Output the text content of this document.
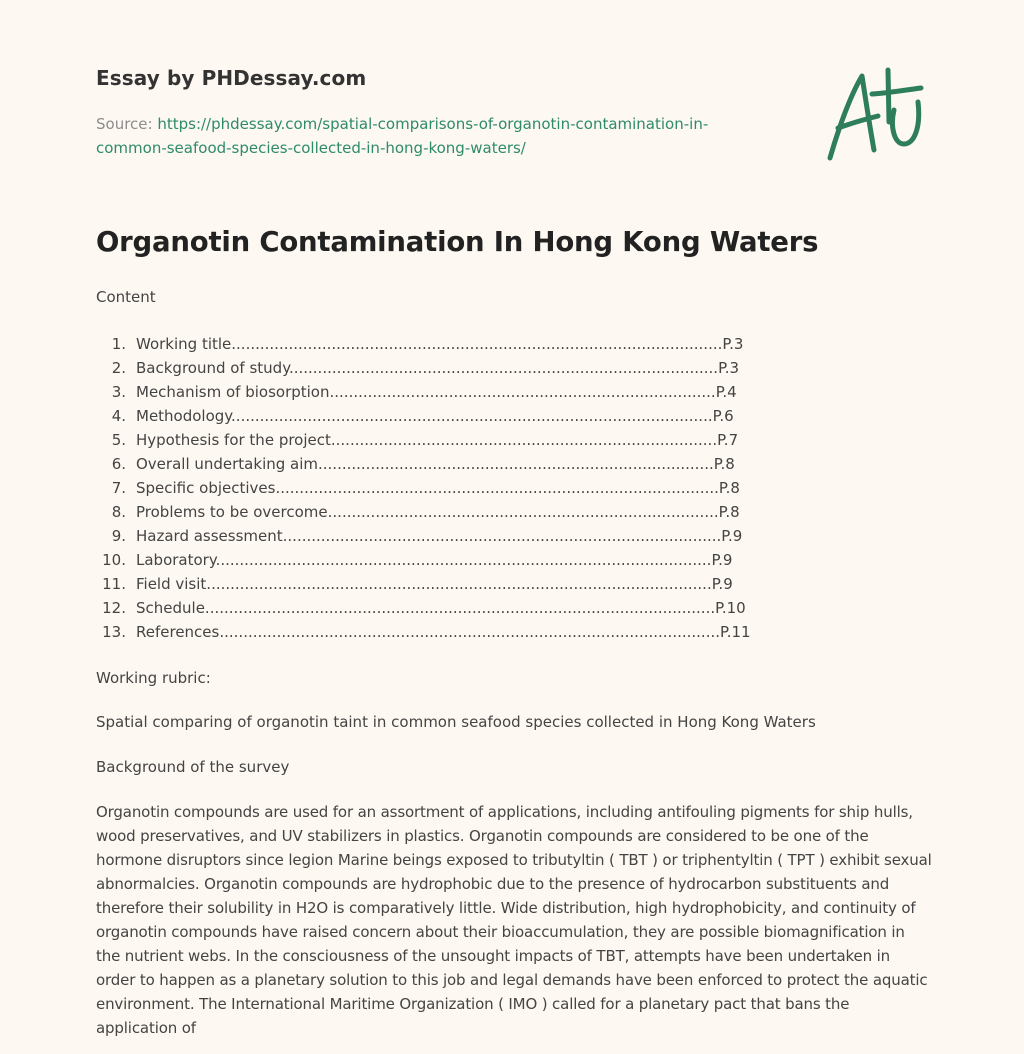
Essay by PHDessay.com
Source: https://phdessay.com/spatial-comparisons-of-organotin-contamination-in-common-seafood-species-collected-in-hong-kong-waters/
Organotin Contamination In Hong Kong Waters
Content
1. Working title.......................................................................................................P.3
2. Background of study..........................................................................................P.3
3. Mechanism of biosorption.................................................................................P.4
4. Methodology.....................................................................................................P.6
5. Hypothesis for the project.................................................................................P.7
6. Overall undertaking aim...................................................................................P.8
7. Specific objectives.............................................................................................P.8
8. Problems to be overcome..................................................................................P.8
9. Hazard assessment............................................................................................P.9
10. Laboratory........................................................................................................P.9
11. Field visit..........................................................................................................P.9
12. Schedule...........................................................................................................P.10
13. References.........................................................................................................P.11

Working rubric:

Spatial comparing of organotin taint in common seafood species collected in Hong Kong Waters

Background of the survey

Organotin compounds are used for an assortment of applications, including antifouling pigments for ship hulls, wood preservatives, and UV stabilizers in plastics. Organotin compounds are considered to be one of the hormone disruptors since legion Marine beings exposed to tributyltin ( TBT ) or triphentyltin ( TPT ) exhibit sexual abnormalcies. Organotin compounds are hydrophobic due to the presence of hydrocarbon substituents and therefore their solubility in H2O is comparatively little. Wide distribution, high hydrophobicity, and continuity of organotin compounds have raised concern about their bioaccumulation, they are possible biomagnification in the nutrient webs. In the consciousness of the unsought impacts of TBT, attempts have been undertaken in order to happen as a planetary solution to this job and legal demands have been enforced to protect the aquatic environment. The International Maritime Organization ( IMO ) called for a planetary pact that bans the application of
